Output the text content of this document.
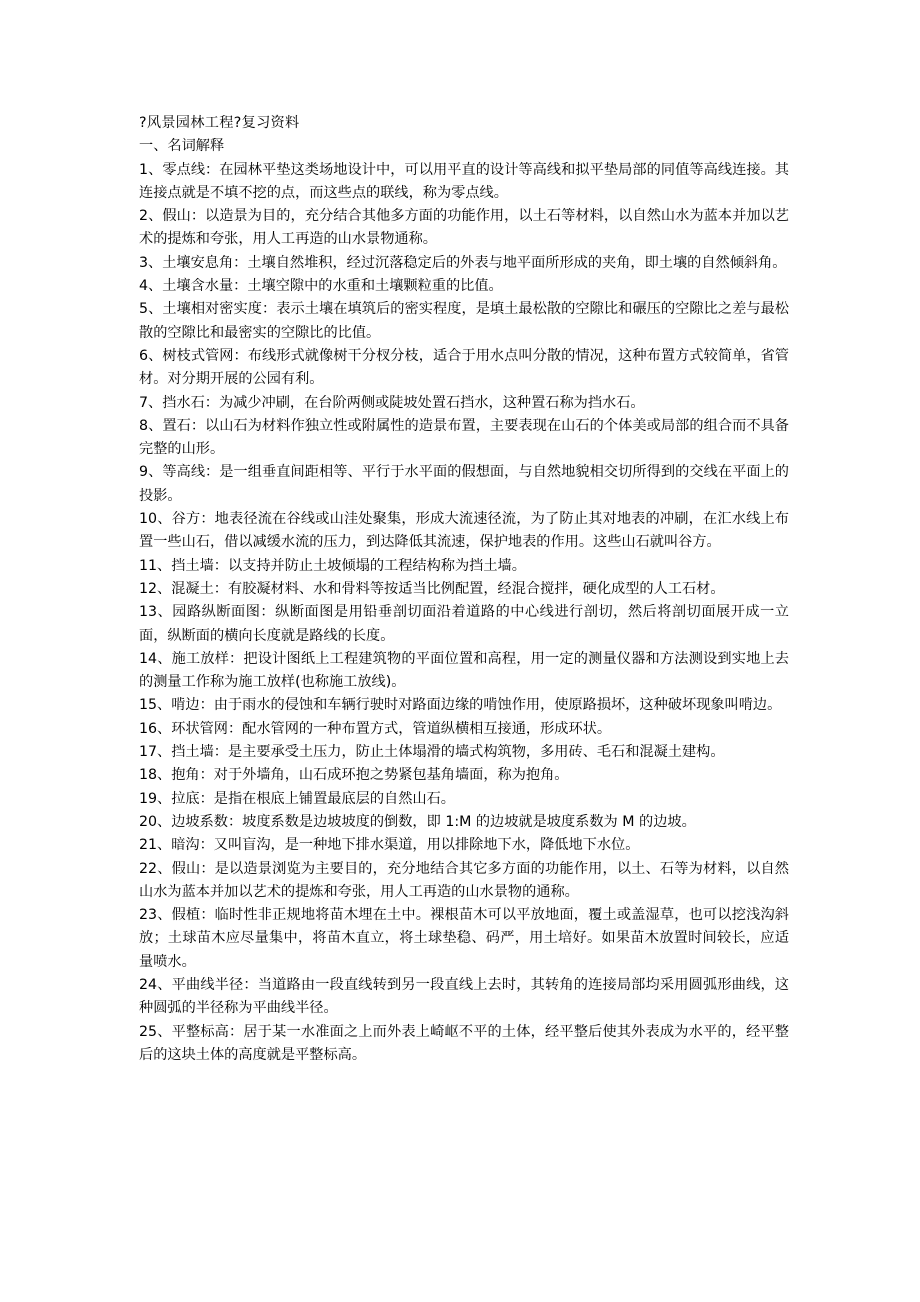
?风景园林工程?复习资料

一、名词解释

1、零点线：在园林平垫这类场地设计中，可以用平直的设计等高线和拟平垫局部的同值等高线连接。其连接点就是不填不挖的点，而这些点的联线，称为零点线。

2、假山：以造景为目的，充分结合其他多方面的功能作用，以土石等材料，以自然山水为蓝本并加以艺术的提炼和夸张，用人工再造的山水景物通称。

3、土壤安息角：土壤自然堆积，经过沉落稳定后的外表与地平面所形成的夹角，即土壤的自然倾斜角。

4、土壤含水量：土壤空隙中的水重和土壤颗粒重的比值。

5、土壤相对密实度：表示土壤在填筑后的密实程度，是填土最松散的空隙比和碾压的空隙比之差与最松散的空隙比和最密实的空隙比的比值。

6、树枝式管网：布线形式就像树干分杈分枝，适合于用水点叫分散的情况，这种布置方式较简单，省管材。对分期开展的公园有利。

7、挡水石：为减少冲刷，在台阶两侧或陡坡处置石挡水，这种置石称为挡水石。

8、置石：以山石为材料作独立性或附属性的造景布置，主要表现在山石的个体美或局部的组合而不具备完整的山形。

9、等高线：是一组垂直间距相等、平行于水平面的假想面，与自然地貌相交切所得到的交线在平面上的投影。

10、谷方：地表径流在谷线或山洼处聚集，形成大流速径流，为了防止其对地表的冲刷，在汇水线上布置一些山石，借以减缓水流的压力，到达降低其流速，保护地表的作用。这些山石就叫谷方。

11、挡土墙：以支持并防止土坡倾塌的工程结构称为挡土墙。

12、混凝土：有胶凝材料、水和骨料等按适当比例配置，经混合搅拌，硬化成型的人工石材。

13、园路纵断面图：纵断面图是用铅垂剖切面沿着道路的中心线进行剖切，然后将剖切面展开成一立面，纵断面的横向长度就是路线的长度。

14、施工放样：把设计图纸上工程建筑物的平面位置和高程，用一定的测量仪器和方法测设到实地上去的测量工作称为施工放样(也称施工放线)。

15、啃边：由于雨水的侵蚀和车辆行驶时对路面边缘的啃蚀作用，使原路损坏，这种破坏现象叫啃边。

16、环状管网：配水管网的一种布置方式，管道纵横相互接通，形成环状。

17、挡土墙：是主要承受土压力，防止土体塌滑的墙式构筑物，多用砖、毛石和混凝土建构。

18、抱角：对于外墙角，山石成环抱之势紧包基角墙面，称为抱角。

19、拉底：是指在根底上铺置最底层的自然山石。

20、边坡系数：坡度系数是边坡坡度的倒数，即 1:M 的边坡就是坡度系数为 M 的边坡。

21、暗沟：又叫盲沟，是一种地下排水渠道，用以排除地下水，降低地下水位。

22、假山：是以造景浏览为主要目的，充分地结合其它多方面的功能作用，以土、石等为材料，以自然山水为蓝本并加以艺术的提炼和夸张，用人工再造的山水景物的通称。

23、假植：临时性非正规地将苗木埋在土中。裸根苗木可以平放地面，覆土或盖湿草，也可以挖浅沟斜放；土球苗木应尽量集中，将苗木直立，将土球垫稳、码严，用土培好。如果苗木放置时间较长，应适量喷水。

24、平曲线半径：当道路由一段直线转到另一段直线上去时，其转角的连接局部均采用圆弧形曲线，这种圆弧的半径称为平曲线半径。

25、平整标高：居于某一水准面之上而外表上崎岖不平的土体，经平整后使其外表成为水平的，经平整后的这块土体的高度就是平整标高。
